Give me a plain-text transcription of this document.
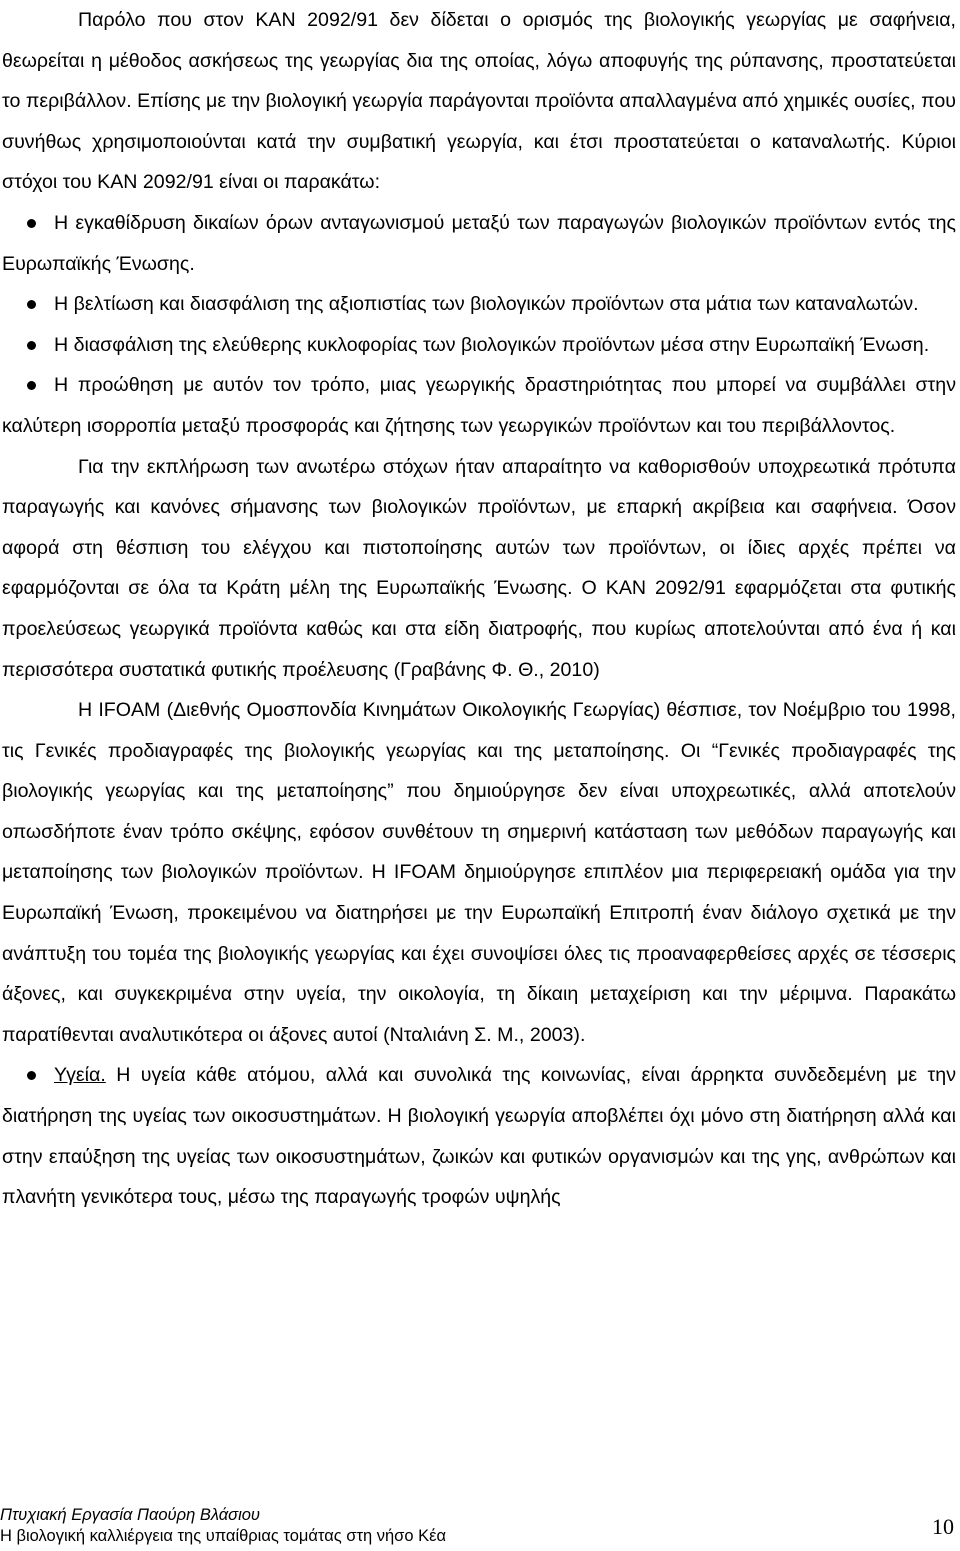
Παρόλο που στον ΚΑΝ 2092/91 δεν δίδεται ο ορισμός της βιολογικής γεωργίας με σαφήνεια, θεωρείται η μέθοδος ασκήσεως της γεωργίας δια της οποίας, λόγω αποφυγής της ρύπανσης, προστατεύεται το περιβάλλον. Επίσης με την βιολογική γεωργία παράγονται προϊόντα απαλλαγμένα από χημικές ουσίες, που συνήθως χρησιμοποιούνται κατά την συμβατική γεωργία, και έτσι προστατεύεται ο καταναλωτής. Κύριοι στόχοι του ΚΑΝ 2092/91 είναι οι παρακάτω:

Η εγκαθίδρυση δικαίων όρων ανταγωνισμού μεταξύ των παραγωγών βιολογικών προϊόντων εντός της Ευρωπαϊκής Ένωσης.

Η βελτίωση και διασφάλιση της αξιοπιστίας των βιολογικών προϊόντων στα μάτια των καταναλωτών.

Η διασφάλιση της ελεύθερης κυκλοφορίας των βιολογικών προϊόντων μέσα στην Ευρωπαϊκή Ένωση.

Η προώθηση με αυτόν τον τρόπο, μιας γεωργικής δραστηριότητας που μπορεί να συμβάλλει στην καλύτερη ισορροπία μεταξύ προσφοράς και ζήτησης των γεωργικών προϊόντων και του περιβάλλοντος.

Για την εκπλήρωση των ανωτέρω στόχων ήταν απαραίτητο να καθορισθούν υποχρεωτικά πρότυπα παραγωγής και κανόνες σήμανσης των βιολογικών προϊόντων, με επαρκή ακρίβεια και σαφήνεια. Όσον αφορά στη θέσπιση του ελέγχου και πιστοποίησης αυτών των προϊόντων, οι ίδιες αρχές πρέπει να εφαρμόζονται σε όλα τα Κράτη μέλη της Ευρωπαϊκής Ένωσης. Ο ΚΑΝ 2092/91 εφαρμόζεται στα φυτικής προελεύσεως γεωργικά προϊόντα καθώς και στα είδη διατροφής, που κυρίως αποτελούνται από ένα ή και περισσότερα συστατικά φυτικής προέλευσης (Γραβάνης Φ. Θ., 2010)

Η IFOAM (Διεθνής Ομοσπονδία Κινημάτων Οικολογικής Γεωργίας) θέσπισε, τον Νοέμβριο του 1998, τις Γενικές προδιαγραφές της βιολογικής γεωργίας και της μεταποίησης. Οι “Γενικές προδιαγραφές της βιολογικής γεωργίας και της μεταποίησης” που δημιούργησε δεν είναι υποχρεωτικές, αλλά αποτελούν οπωσδήποτε έναν τρόπο σκέψης, εφόσον συνθέτουν τη σημερινή κατάσταση των μεθόδων παραγωγής και μεταποίησης των βιολογικών προϊόντων. Η IFOAM δημιούργησε επιπλέον μια περιφερειακή ομάδα για την Ευρωπαϊκή Ένωση, προκειμένου να διατηρήσει με την Ευρωπαϊκή Επιτροπή έναν διάλογο σχετικά με την ανάπτυξη του τομέα της βιολογικής γεωργίας και έχει συνοψίσει όλες τις προαναφερθείσες αρχές σε τέσσερις άξονες, και συγκεκριμένα στην υγεία, την οικολογία, τη δίκαιη μεταχείριση και την μέριμνα. Παρακάτω παρατίθενται αναλυτικότερα οι άξονες αυτοί (Νταλιάνη Σ. Μ., 2003).

Υγεία. Η υγεία κάθε ατόμου, αλλά και συνολικά της κοινωνίας, είναι άρρηκτα συνδεδεμένη με την διατήρηση της υγείας των οικοσυστημάτων. Η βιολογική γεωργία αποβλέπει όχι μόνο στη διατήρηση αλλά και στην επαύξηση της υγείας των οικοσυστημάτων, ζωικών και φυτικών οργανισμών και της γης, ανθρώπων και πλανήτη γενικότερα τους, μέσω της παραγωγής τροφών υψηλής

Πτυχιακή Εργασία Παούρη Βλάσιου
Η βιολογική καλλιέργεια της υπαίθριας τομάτας στη νήσο Κέα	10
